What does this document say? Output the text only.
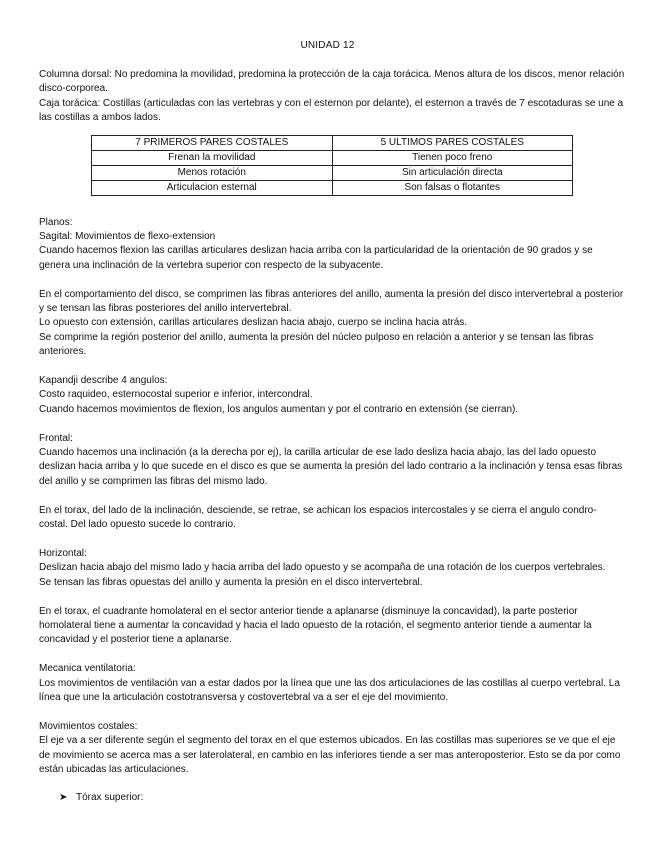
UNIDAD 12

Columna dorsal: No predomina la movilidad, predomina la protección de la caja torácica. Menos altura de los discos, menor relación disco-corporea.

Caja torácica: Costillas (articuladas con las vertebras y con el esternon por delante), el esternon a través de 7 escotaduras se une a las costillas a ambos lados.

7 PRIMEROS PARES COSTALES	5 ULTIMOS PARES COSTALES
Frenan la movilidad	Tienen poco freno
Menos rotación	Sin articulación directa
Articulacion esternal	Son falsas o flotantes

Planos:

Sagital: Movimientos de flexo-extension

Cuando hacemos flexion las carillas articulares deslizan hacia arriba con la particularidad de la orientación de 90 grados y se genera una inclinación de la vertebra superior con respecto de la subyacente.

En el comportamiento del disco, se comprimen las fibras anteriores del anillo, aumenta la presión del disco intervertebral a posterior y se tensan las fibras posteriores del anillo intervertebral.

Lo opuesto con extensión, carillas articulares deslizan hacia abajo, cuerpo se inclina hacia atrás.

Se comprime la región posterior del anillo, aumenta la presión del núcleo pulposo en relación a anterior y se tensan las fibras anteriores.

Kapandji describe 4 angulos:

Costo raquideo, esternocostal superior e inferior, intercondral.

Cuando hacemos movimientos de flexion, los angulos aumentan y por el contrario en extensión (se cierran).

Frontal:

Cuando hacemos una inclinación (a la derecha por ej), la carilla articular de ese lado desliza hacia abajo, las del lado opuesto deslizan hacia arriba y lo que sucede en el disco es que se aumenta la presión del lado contrario a la inclinación y tensa esas fibras del anillo y se comprimen las fibras del mismo lado.

En el torax, del lado de la inclinación, desciende, se retrae, se achican los espacios intercostales y se cierra el angulo condro-costal. Del lado opuesto sucede lo contrario.

Horizontal:

Deslizan hacia abajo del mismo lado y hacia arriba del lado opuesto y se acompaña de una rotación de los cuerpos vertebrales.

Se tensan las fibras opuestas del anillo y aumenta la presión en el disco intervertebral.

En el torax, el cuadrante homolateral en el sector anterior tiende a aplanarse (disminuye la concavidad), la parte posterior homolateral tiene a aumentar la concavidad y hacia el lado opuesto de la rotación, el segmento anterior tiende a aumentar la concavidad y el posterior tiene a aplanarse.

Mecanica ventilatoria:

Los movimientos de ventilación van a estar dados por la línea que une las dos articulaciones de las costillas al cuerpo vertebral. La línea que une la articulación costotransversa y costovertebral va a ser el eje del movimiento.

Movimientos costales:

El eje va a ser diferente según el segmento del torax en el que estemos ubicados. En las costillas mas superiores se ve que el eje de movimiento se acerca mas a ser laterolateral, en cambio en las inferiores tiende a ser mas anteroposterior. Esto se da por como están ubicadas las articulaciones.

➤ Tórax superior:
